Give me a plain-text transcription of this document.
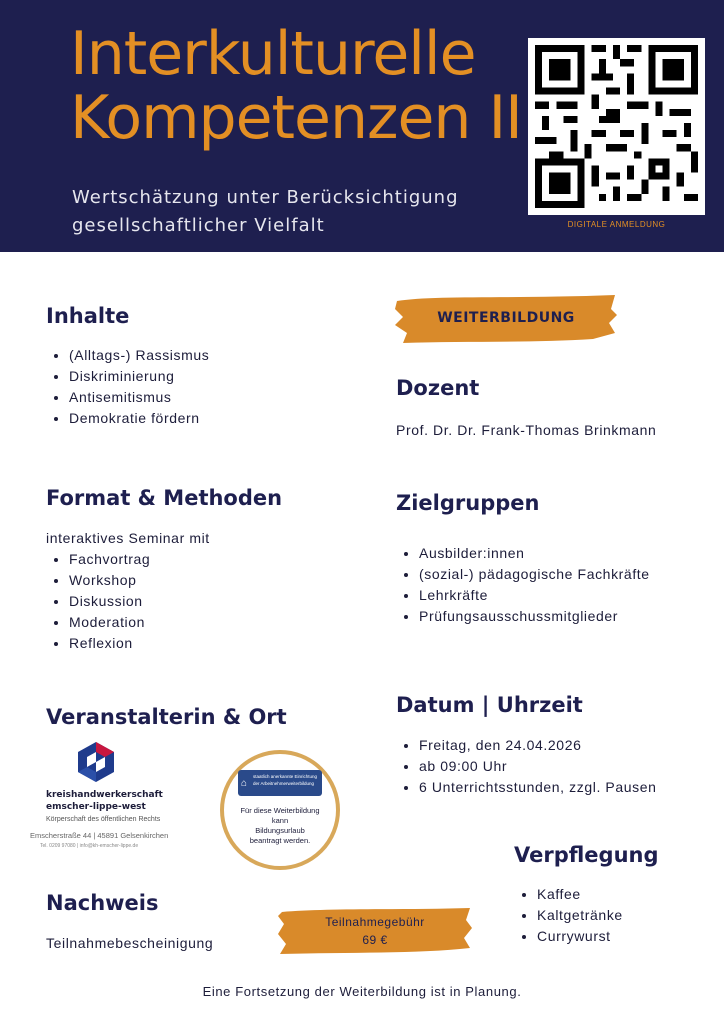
Interkulturelle
Kompetenzen II
Wertschätzung unter Berücksichtigung
gesellschaftlicher Vielfalt	DIGITALE ANMELDUNG
Inhalte
• (Alltags-) Rassismus
• Diskriminierung
• Antisemitismus
• Demokratie fördern
WEITERBILDUNG
Dozent
Prof. Dr. Dr. Frank-Thomas Brinkmann
Format & Methoden
interaktives Seminar mit
• Fachvortrag
• Workshop
• Diskussion
• Moderation
• Reflexion
Zielgruppen
• Ausbilder:innen
• (sozial-) pädagogische Fachkräfte
• Lehrkräfte
• Prüfungsausschussmitglieder
Veranstalterin & Ort
kreishandwerkerschaft
emscher-lippe-west
Körperschaft des öffentlichen Rechts
Emscherstraße 44 | 45891 Gelsenkirchen
Tel. 0209 97080 | info@kh-emscher-lippe.de
⌂
staatlich anerkannte Einrichtung
der Arbeitnehmerweiterbildung
Für diese Weiterbildung
kann
Bildungsurlaub
beantragt werden.
Datum | Uhrzeit
• Freitag, den 24.04.2026
• ab 09:00 Uhr
• 6 Unterrichtsstunden, zzgl. Pausen
Verpflegung
• Kaffee
• Kaltgetränke
• Currywurst
Nachweis
Teilnahmebescheinigung
Teilnahmegebühr
69 €
Eine Fortsetzung der Weiterbildung ist in Planung.
